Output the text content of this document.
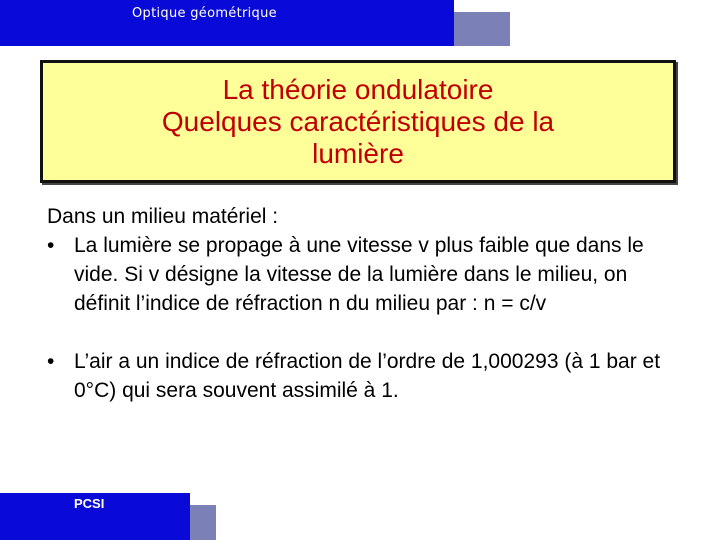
Optique géométrique
La théorie ondulatoire
Quelques caractéristiques de la
lumière

Dans un milieu matériel :

• La lumière se propage à une vitesse v plus faible que dans le vide. Si v désigne la vitesse de la lumière dans le milieu, on définit l’indice de réfraction n du milieu par : n = c/v
• L’air a un indice de réfraction de l’ordre de 1,000293 (à 1 bar et 0°C) qui sera souvent assimilé à 1.
PCSI
